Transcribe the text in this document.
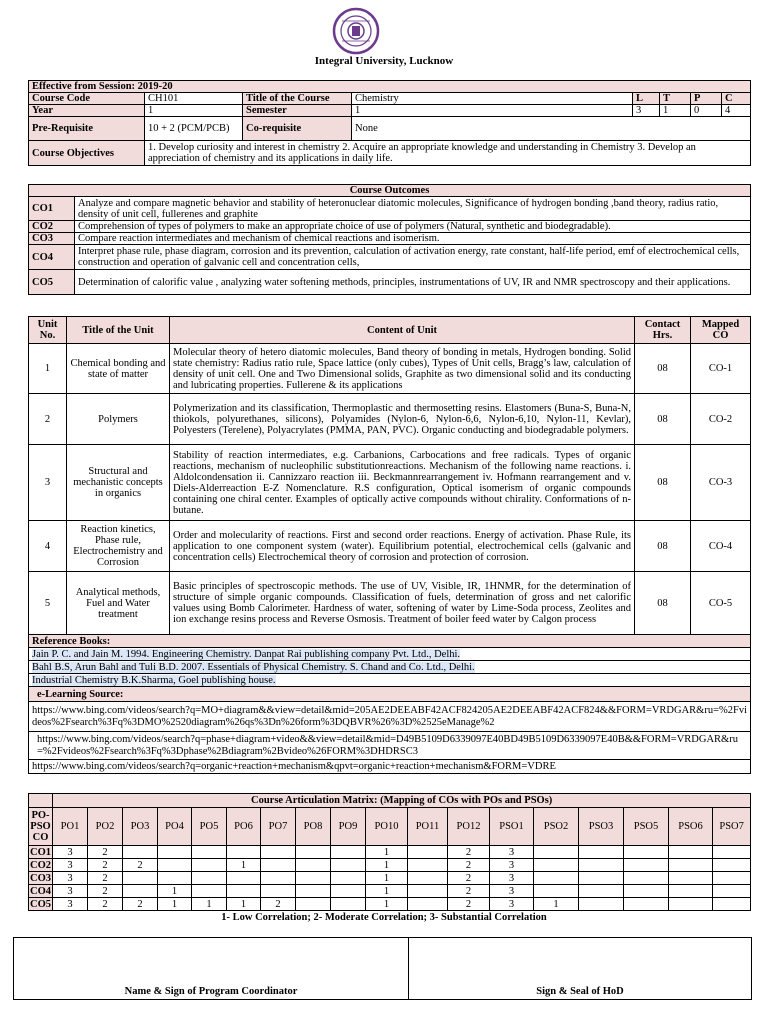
Integral University, Lucknow
Effective from Session: 2019-20							
Course Code	CH101	Title of the Course	Chemistry	L	T	P	C
Year	1	Semester	1	3	1	0	4
Pre-Requisite	10 + 2 (PCM/PCB)	Co-requisite	None				
Course Objectives	1. Develop curiosity and interest in chemistry 2. Acquire an appropriate knowledge and understanding in Chemistry 3. Develop an appreciation of chemistry and its applications in daily life.						
Course Outcomes	
CO1	Analyze and compare magnetic behavior and stability of heteronuclear diatomic molecules, Significance of hydrogen bonding ,band theory, radius ratio, density of unit cell, fullerenes and graphite
CO2	Comprehension of types of polymers to make an appropriate choice of use of polymers (Natural, synthetic and biodegradable).
CO3	Compare reaction intermediates and mechanism of chemical reactions and isomerism.
CO4	Interpret phase rule, phase diagram, corrosion and its prevention, calculation of activation energy, rate constant, half-life period, emf of electrochemical cells, construction and operation of galvanic cell and concentration cells,
CO5	Determination of calorific value , analyzing water softening methods, principles, instrumentations of UV, IR and NMR spectroscopy and their applications.
Unit No.	Title of the Unit	Content of Unit	Contact Hrs.	Mapped CO
1	Chemical bonding and state of matter	Molecular theory of hetero diatomic molecules, Band theory of bonding in metals, Hydrogen bonding. Solid state chemistry: Radius ratio rule, Space lattice (only cubes), Types of Unit cells, Bragg’s law, calculation of density of unit cell. One and Two Dimensional solids, Graphite as two dimensional solid and its conducting and lubricating properties. Fullerene & its applications	08	CO-1
2	Polymers	Polymerization and its classification, Thermoplastic and thermosetting resins. Elastomers (Buna-S, Buna-N, thiokols, polyurethanes, silicons), Polyamides (Nylon-6, Nylon-6,6, Nylon-6,10, Nylon-11, Kevlar), Polyesters (Terelene), Polyacrylates (PMMA, PAN, PVC). Organic conducting and biodegradable polymers.	08	CO-2
3	Structural and mechanistic concepts in organics	Stability of reaction intermediates, e.g. Carbanions, Carbocations and free radicals. Types of organic reactions, mechanism of nucleophilic substitutionreactions. Mechanism of the following name reactions. i. Aldolcondensation ii. Cannizzaro reaction iii. Beckmannrearrangement iv. Hofmann rearrangement and v. Diels-Alderreaction E-Z Nomenclature. R.S configuration, Optical isomerism of organic compounds containing one chiral center. Examples of optically active compounds without chirality. Conformations of n-butane.	08	CO-3
4	Reaction kinetics, Phase rule, Electrochemistry and Corrosion	Order and molecularity of reactions. First and second order reactions. Energy of activation. Phase Rule, its application to one component system (water). Equilibrium potential, electrochemical cells (galvanic and concentration cells) Electrochemical theory of corrosion and protection of corrosion.	08	CO-4
5	Analytical methods, Fuel and Water treatment	Basic principles of spectroscopic methods. The use of UV, Visible, IR, 1HNMR, for the determination of structure of simple organic compounds. Classification of fuels, determination of gross and net calorific values using Bomb Calorimeter. Hardness of water, softening of water by Lime-Soda process, Zeolites and ion exchange resins process and Reverse Osmosis. Treatment of boiler feed water by Calgon process	08	CO-5
Reference Books:				
Jain P. C. and Jain M. 1994. Engineering Chemistry. Danpat Rai publishing company Pvt. Ltd., Delhi.				
Bahl B.S, Arun Bahl and Tuli B.D. 2007. Essentials of Physical Chemistry. S. Chand and Co. Ltd., Delhi.				
Industrial Chemistry B.K.Sharma, Goel publishing house.				
e-Learning Source:				
https://www.bing.com/videos/search?q=MO+diagram&&view=detail&mid=205AE2DEEABF42ACF824205AE2DEEABF42ACF824&&FORM=VRDGAR&ru=%2Fvideos%2Fsearch%3Fq%3DMO%2520diagram%26qs%3Dn%26form%3DQBVR%26%3D%2525eManage%2				
https://www.bing.com/videos/search?q=phase+diagram+video&&view=detail&mid=D49B5109D6339097E40BD49B5109D6339097E40B&&FORM=VRDGAR&ru=%2Fvideos%2Fsearch%3Fq%3Dphase%2Bdiagram%2Bvideo%26FORM%3DHDRSC3				
https://www.bing.com/videos/search?q=organic+reaction+mechanism&qpvt=organic+reaction+mechanism&FORM=VDRE				
	Course Articulation Matrix: (Mapping of COs with POs and PSOs)																	

PO-PSO
CO	PO1	PO2	PO3	PO4	PO5	PO6	PO7	PO8	PO9	PO10	PO11	PO12	PSO1	PSO2	PSO3	PSO5	PSO6	PSO7
CO1	3	2								1		2	3					
CO2	3	2	2			1				1		2	3					
CO3	3	2								1		2	3					
CO4	3	2		1						1		2	3					
CO5	3	2	2	1	1	1	2			1		2	3	1				
1- Low Correlation; 2- Moderate Correlation; 3- Substantial Correlation
Name & Sign of Program Coordinator	Sign & Seal of HoD
